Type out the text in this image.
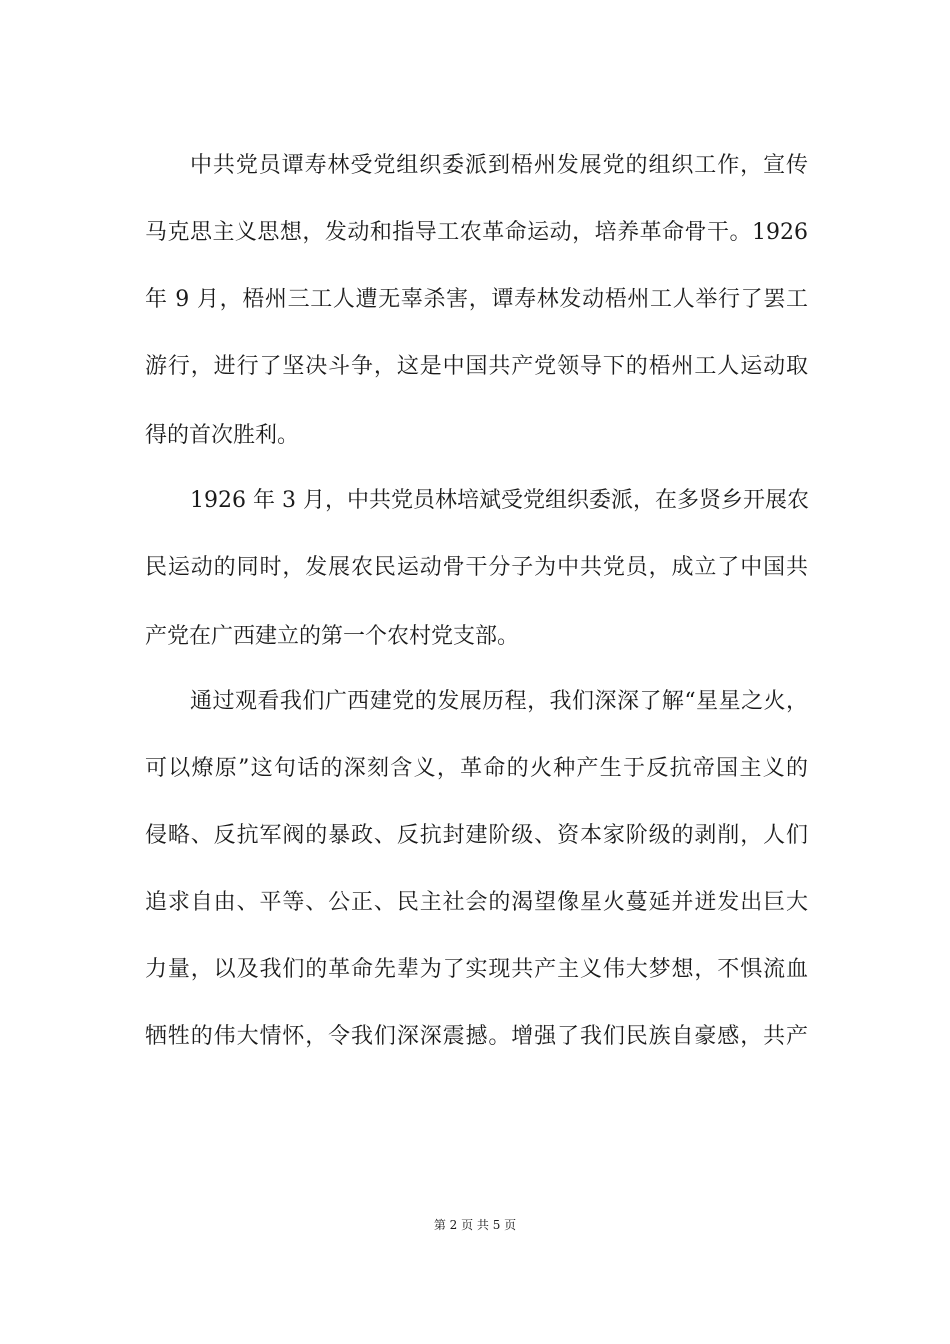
中共党员谭寿林受党组织委派到梧州发展党的组织工作，宣传
马克思主义思想，发动和指导工农革命运动，培养革命骨干。1926
年 9 月，梧州三工人遭无辜杀害，谭寿林发动梧州工人举行了罢工
游行，进行了坚决斗争，这是中国共产党领导下的梧州工人运动取
得的首次胜利。
1926 年 3 月，中共党员林培斌受党组织委派，在多贤乡开展农
民运动的同时，发展农民运动骨干分子为中共党员，成立了中国共
产党在广西建立的第一个农村党支部。
通过观看我们广西建党的发展历程，我们深深了解“星星之火，
可以燎原”这句话的深刻含义，革命的火种产生于反抗帝国主义的
侵略、反抗军阀的暴政、反抗封建阶级、资本家阶级的剥削，人们
追求自由、平等、公正、民主社会的渴望像星火蔓延并迸发出巨大
力量，以及我们的革命先辈为了实现共产主义伟大梦想，不惧流血
牺牲的伟大情怀，令我们深深震撼。增强了我们民族自豪感，共产
第 2 页 共 5 页
